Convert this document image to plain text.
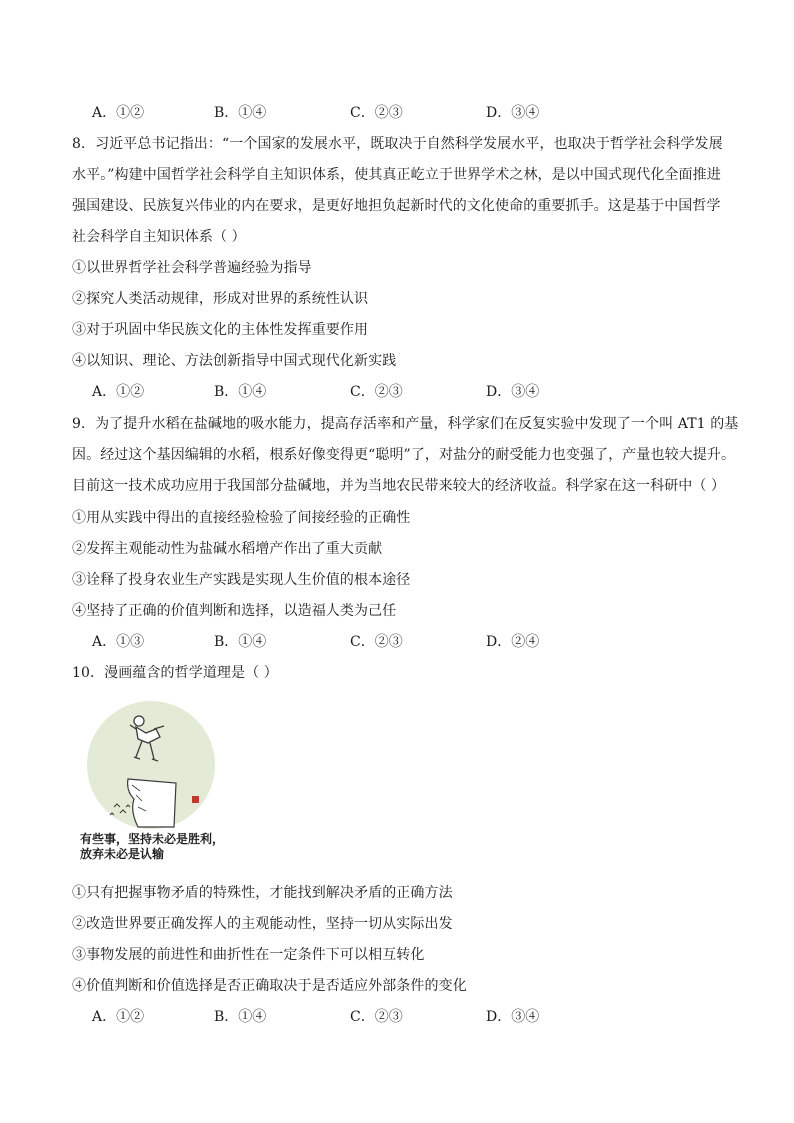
A．①②	B．①④	C．②③	D．③④
8．习近平总书记指出：“一个国家的发展水平，既取决于自然科学发展水平，也取决于哲学社会科学发展
水平。”构建中国哲学社会科学自主知识体系，使其真正屹立于世界学术之林，是以中国式现代化全面推进
强国建设、民族复兴伟业的内在要求，是更好地担负起新时代的文化使命的重要抓手。这是基于中国哲学
社会科学自主知识体系（ ）
①以世界哲学社会科学普遍经验为指导
②探究人类活动规律，形成对世界的系统性认识
③对于巩固中华民族文化的主体性发挥重要作用
④以知识、理论、方法创新指导中国式现代化新实践
A．①②	B．①④	C．②③	D．③④
9．为了提升水稻在盐碱地的吸水能力，提高存活率和产量，科学家们在反复实验中发现了一个叫 AT1 的基
因。经过这个基因编辑的水稻，根系好像变得更“聪明”了，对盐分的耐受能力也变强了，产量也较大提升。
目前这一技术成功应用于我国部分盐碱地，并为当地农民带来较大的经济收益。科学家在这一科研中（ ）
①用从实践中得出的直接经验检验了间接经验的正确性
②发挥主观能动性为盐碱水稻增产作出了重大贡献
③诠释了投身农业生产实践是实现人生价值的根本途径
④坚持了正确的价值判断和选择，以造福人类为己任
A．①③	B．①④	C．②③	D．②④
10．漫画蕴含的哲学道理是（ ）
有些事，坚持未必是胜利，
放弃未必是认输
①只有把握事物矛盾的特殊性，才能找到解决矛盾的正确方法
②改造世界要正确发挥人的主观能动性，坚持一切从实际出发
③事物发展的前进性和曲折性在一定条件下可以相互转化
④价值判断和价值选择是否正确取决于是否适应外部条件的变化
A．①②	B．①④	C．②③	D．③④
